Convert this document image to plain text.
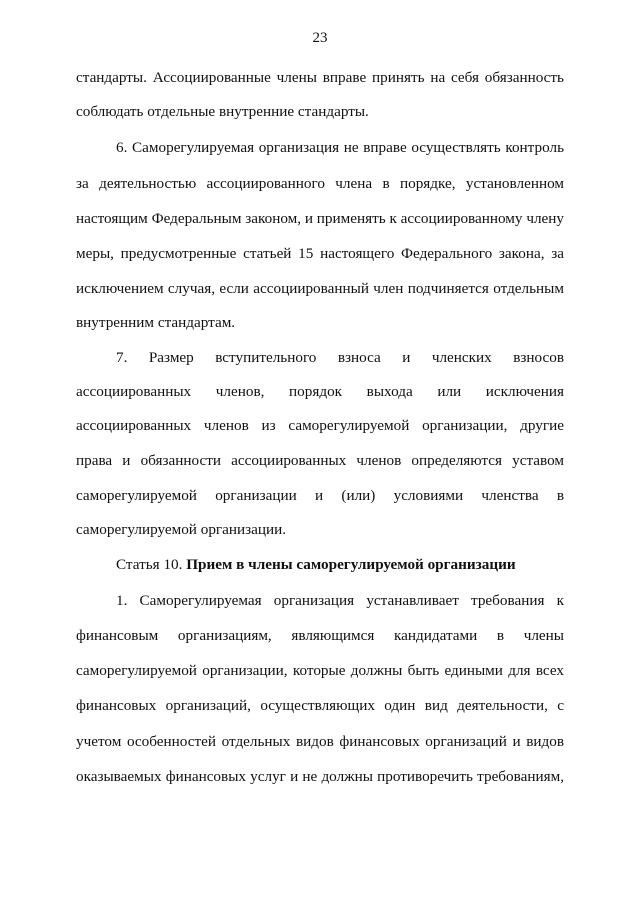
23
стандарты. Ассоциированные члены вправе принять на себя обязанность
соблюдать отдельные внутренние стандарты.
6. Саморегулируемая организация не вправе осуществлять контроль
за деятельностью ассоциированного члена в порядке, установленном
настоящим Федеральным законом, и применять к ассоциированному члену
меры, предусмотренные статьей 15 настоящего Федерального закона, за
исключением случая, если ассоциированный член подчиняется отдельным
внутренним стандартам.
7. Размер вступительного взноса и членских взносов
ассоциированных членов, порядок выхода или исключения
ассоциированных членов из саморегулируемой организации, другие
права и обязанности ассоциированных членов определяются уставом
саморегулируемой организации и (или) условиями членства в
саморегулируемой организации.
Статья 10. Прием в члены саморегулируемой организации
1. Саморегулируемая организация устанавливает требования к
финансовым организациям, являющимся кандидатами в члены
саморегулируемой организации, которые должны быть едиными для всех
финансовых организаций, осуществляющих один вид деятельности, с
учетом особенностей отдельных видов финансовых организаций и видов
оказываемых финансовых услуг и не должны противоречить требованиям,
